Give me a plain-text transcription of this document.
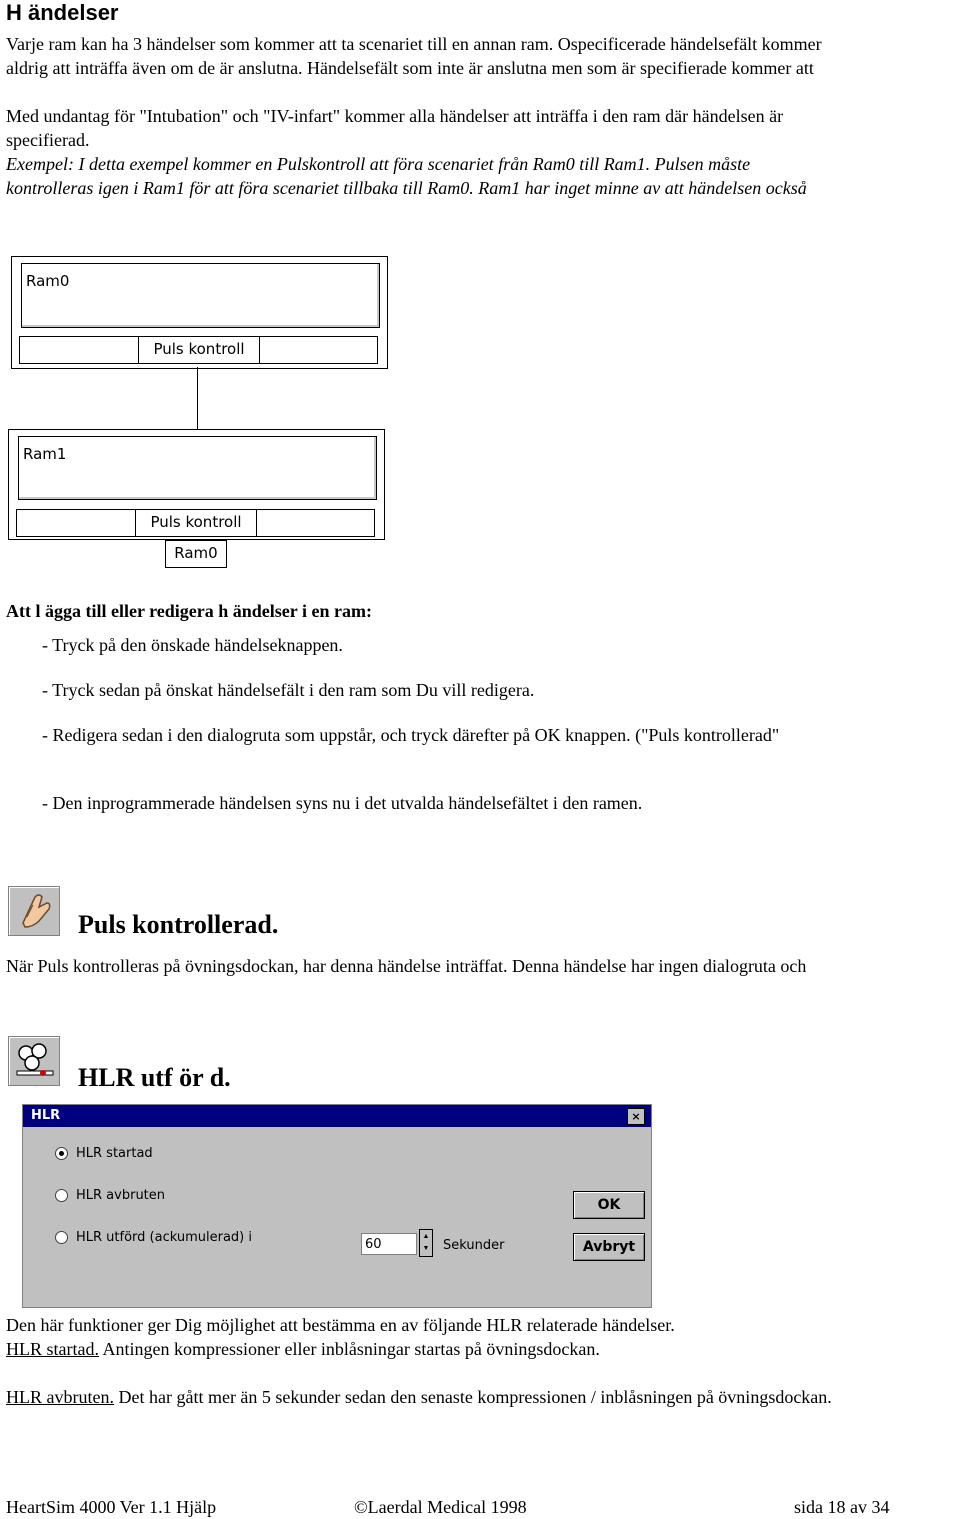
H ändelser
Varje ram kan ha 3 händelser som kommer att ta scenariet till en annan ram. Ospecificerade händelsefält kommer
aldrig att inträffa även om de är anslutna. Händelsefält som inte är anslutna men som är specifierade kommer att
Med undantag för "Intubation" och "IV-infart" kommer alla händelser att inträffa i den ram där händelsen är
specifierad.
Exempel: I detta exempel kommer en Pulskontroll att föra scenariet från Ram0 till Ram1. Pulsen måste
kontrolleras igen i Ram1 för att föra scenariet tillbaka till Ram0. Ram1 har inget minne av att händelsen också
Ram0
Puls kontroll
Ram1
Puls kontroll
Ram0
Att l ägga till eller redigera h ändelser i en ram:
- Tryck på den önskade händelseknappen.
- Tryck sedan på önskat händelsefält i den ram som Du vill redigera.
- Redigera sedan i den dialogruta som uppstår, och tryck därefter på OK knappen. ("Puls kontrollerad"
- Den inprogrammerade händelsen syns nu i det utvalda händelsefältet i den ramen.
Puls kontrollerad.
När Puls kontrolleras på övningsdockan, har denna händelse inträffat. Denna händelse har ingen dialogruta och
HLR utf ör d.
HLR	×
HLR startad
HLR avbruten
HLR utförd (ackumulerad) i	60
▲
▼ Sekunder
OK
Avbryt
Den här funktioner ger Dig möjlighet att bestämma en av följande HLR relaterade händelser.
HLR startad. Antingen kompressioner eller inblåsningar startas på övningsdockan.
HLR avbruten. Det har gått mer än 5 sekunder sedan den senaste kompressionen / inblåsningen på övningsdockan.
HeartSim 4000 Ver 1.1 Hjälp	©Laerdal Medical 1998	sida 18 av 34
